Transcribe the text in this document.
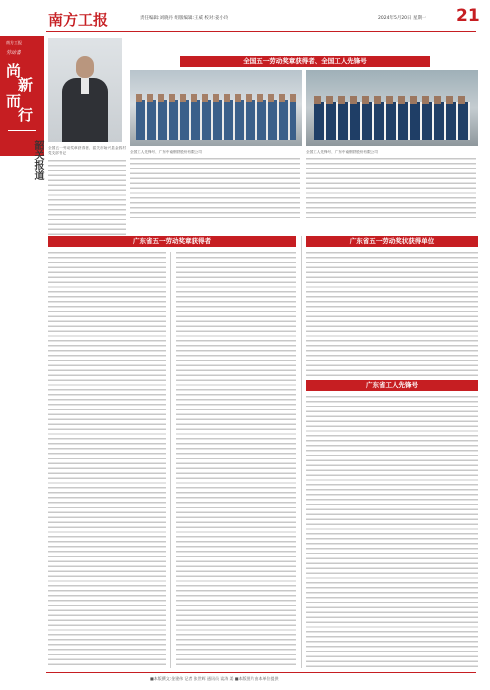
南方工报	责任编辑:刘晓丹 组版编辑:王威 校对:姜小玲	2024年5月20日 星期一 21
南方工报
劳动者
尚
新
而
行
韶关报道	全国五一劳动奖章获得者、韶关市始兴县金钱村党支部书记
全国五一劳动奖章获得者、全国工人先锋号
全国工人先锋号、广东中南钢铁股份有限公司	全国工人先锋号、广东中南钢铁股份有限公司
广东省五一劳动奖章获得者	广东省五一劳动奖状获得单位
广东省工人先锋号
■本版撰文:金建伟 记者 张世辉 通讯员 谈涛 姜 ■本版图片由本单位提供
